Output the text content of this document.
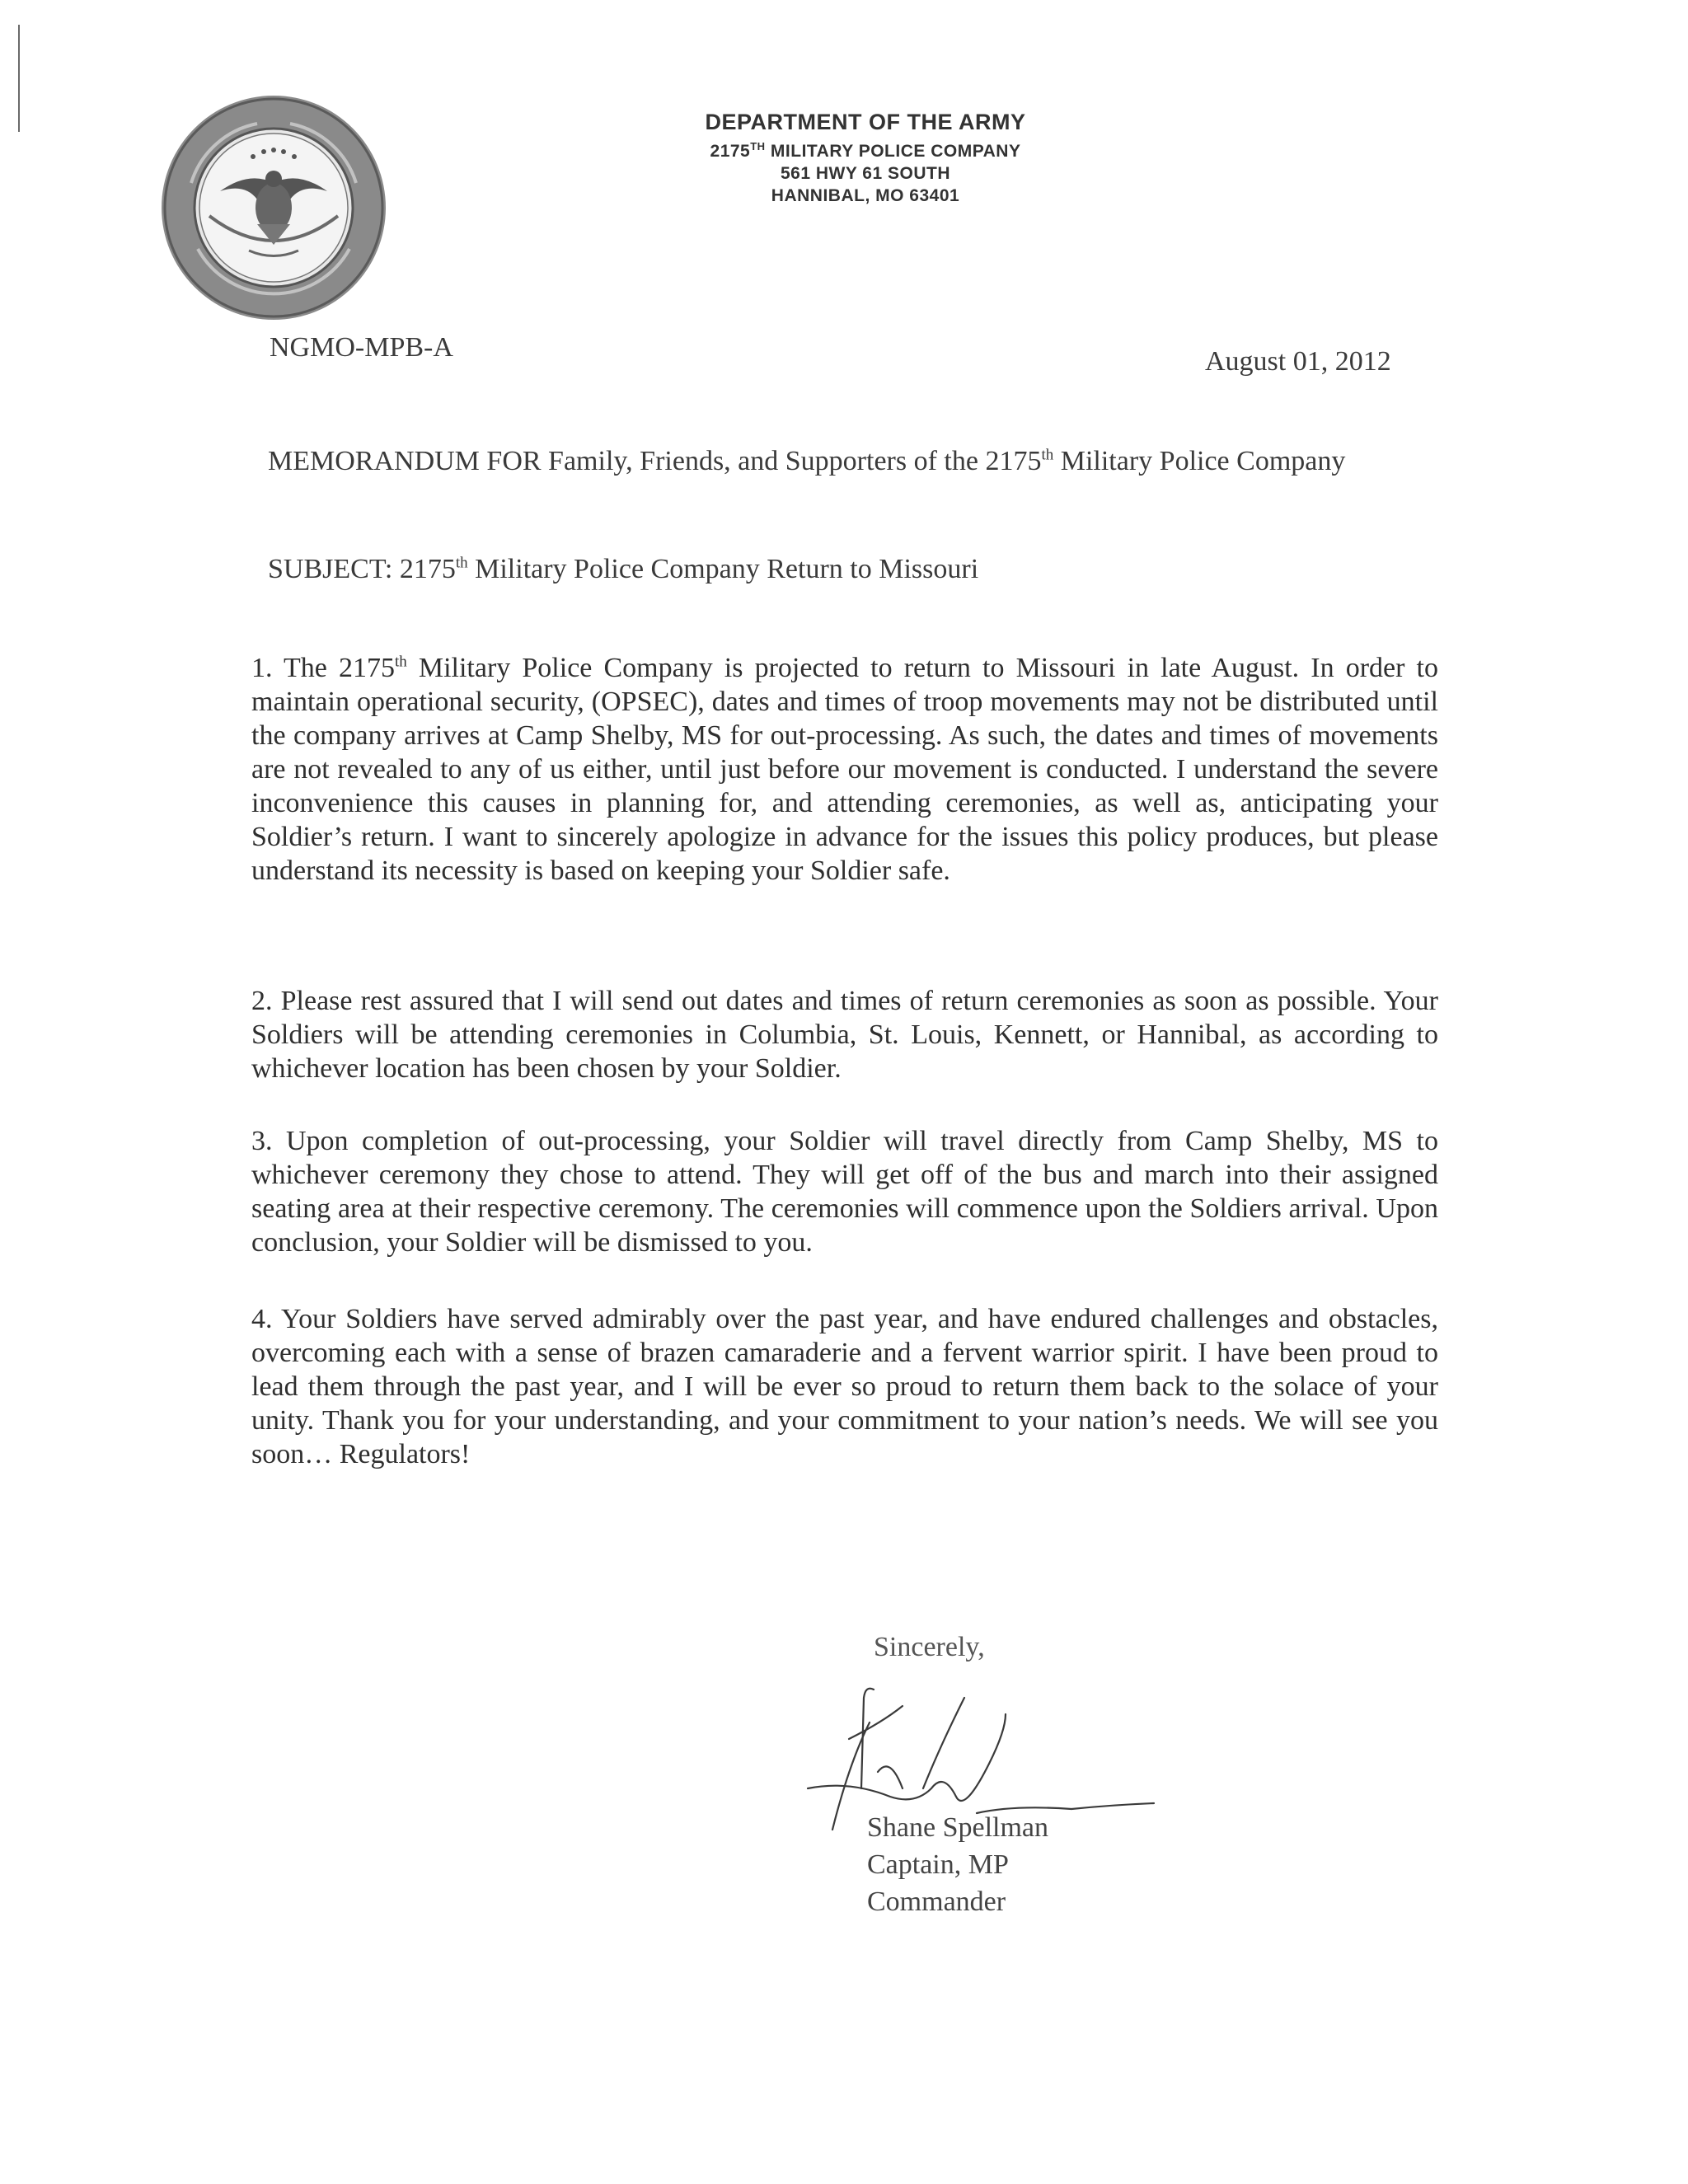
DEPARTMENT OF THE ARMY
2175TH MILITARY POLICE COMPANY
561 HWY 61 SOUTH
HANNIBAL, MO 63401
NGMO-MPB-A	August 01, 2012
MEMORANDUM FOR Family, Friends, and Supporters of the 2175th Military Police Company
SUBJECT: 2175th Military Police Company Return to Missouri
1. The 2175th Military Police Company is projected to return to Missouri in late August. In order to maintain operational security, (OPSEC), dates and times of troop movements may not be distributed until the company arrives at Camp Shelby, MS for out-processing. As such, the dates and times of movements are not revealed to any of us either, until just before our movement is conducted. I understand the severe inconvenience this causes in planning for, and attending ceremonies, as well as, anticipating your Soldier’s return. I want to sincerely apologize in advance for the issues this policy produces, but please understand its necessity is based on keeping your Soldier safe.
2. Please rest assured that I will send out dates and times of return ceremonies as soon as possible. Your Soldiers will be attending ceremonies in Columbia, St. Louis, Kennett, or Hannibal, as according to whichever location has been chosen by your Soldier.
3. Upon completion of out-processing, your Soldier will travel directly from Camp Shelby, MS to whichever ceremony they chose to attend. They will get off of the bus and march into their assigned seating area at their respective ceremony. The ceremonies will commence upon the Soldiers arrival. Upon conclusion, your Soldier will be dismissed to you.
4. Your Soldiers have served admirably over the past year, and have endured challenges and obstacles, overcoming each with a sense of brazen camaraderie and a fervent warrior spirit. I have been proud to lead them through the past year, and I will be ever so proud to return them back to the solace of your unity. Thank you for your understanding, and your commitment to your nation’s needs. We will see you soon… Regulators!
Sincerely,
Shane Spellman
Captain, MP
Commander
